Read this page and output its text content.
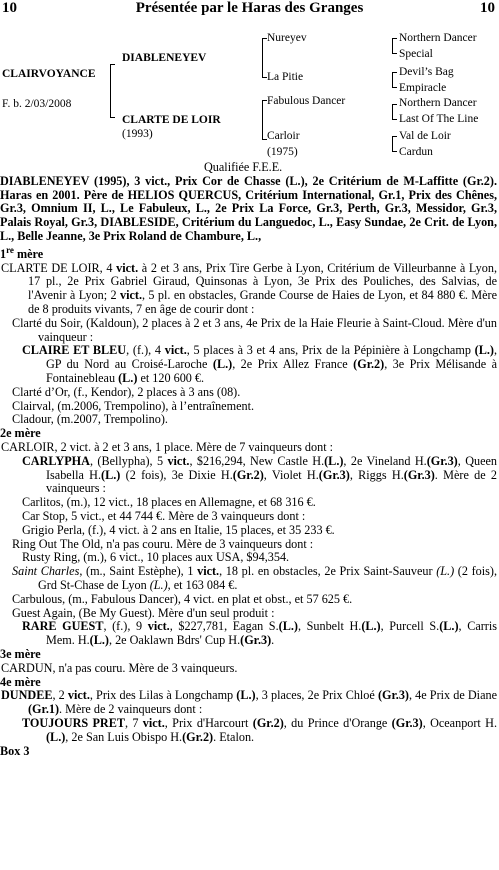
10	Présentée par le Haras des Granges	10
CLAIRVOYANCE
F. b. 2/03/2008
DIABLENEYEV
CLARTE DE LOIR
(1993)
Nureyev
La Pitie
Fabulous Dancer
Carloir
(1975)
Northern Dancer
Special
Devil’s Bag
Empiracle
Northern Dancer
Last Of The Line
Val de Loir
Cardun

Qualifiée F.E.E.

DIABLENEYEV (1995), 3 vict., Prix Cor de Chasse (L.), 2e Critérium de M-Laffitte (Gr.2). Haras en 2001. Père de HELIOS QUERCUS, Critérium International, Gr.1, Prix des Chênes, Gr.3, Omnium II, L., Le Fabuleux, L., 2e Prix La Force, Gr.3, Perth, Gr.3, Messidor, Gr.3, Palais Royal, Gr.3, DIABLESIDE, Critérium du Languedoc, L., Easy Sundae, 2e Crit. de Lyon, L., Belle Jeanne, 3e Prix Roland de Chambure, L.,

1re mère

CLARTE DE LOIR, 4 vict. à 2 et 3 ans, Prix Tire Gerbe à Lyon, Critérium de Villeurbanne à Lyon, 17 pl., 2e Prix Gabriel Giraud, Quinsonas à Lyon, 3e Prix des Pouliches, des Salvias, de l'Avenir à Lyon; 2 vict., 5 pl. en obstacles, Grande Course de Haies de Lyon, et 84 880 €. Mère de 8 produits vivants, 7 en âge de courir dont :

Clarté du Soir, (Kaldoun), 2 places à 2 et 3 ans, 4e Prix de la Haie Fleurie à Saint-Cloud. Mère d'un vainqueur :

CLAIRE ET BLEU, (f.), 4 vict., 5 places à 3 et 4 ans, Prix de la Pépinière à Longchamp (L.), GP du Nord au Croisé-Laroche (L.), 2e Prix Allez France (Gr.2), 3e Prix Mélisande à Fontainebleau (L.) et 120 600 €.

Clarté d’Or, (f., Kendor), 2 places à 3 ans (08).

Clairval, (m.2006, Trempolino), à l’entraînement.

Cladour, (m.2007, Trempolino).

2e mère

CARLOIR, 2 vict. à 2 et 3 ans, 1 place. Mère de 7 vainqueurs dont :

CARLYPHA, (Bellypha), 5 vict., $216,294, New Castle H.(L.), 2e Vineland H.(Gr.3), Queen Isabella H.(L.) (2 fois), 3e Dixie H.(Gr.2), Violet H.(Gr.3), Riggs H.(Gr.3). Mère de 2 vainqueurs :

Carlitos, (m.), 12 vict., 18 places en Allemagne, et 68 316 €.

Car Stop, 5 vict., et 44 744 €. Mère de 3 vainqueurs dont :

Grigio Perla, (f.), 4 vict. à 2 ans en Italie, 15 places, et 35 233 €.

Ring Out The Old, n'a pas couru. Mère de 3 vainqueurs dont :

Rusty Ring, (m.), 6 vict., 10 places aux USA, $94,354.

Saint Charles, (m., Saint Estèphe), 1 vict., 18 pl. en obstacles, 2e Prix Saint-Sauveur (L.) (2 fois), Grd St-Chase de Lyon (L.), et 163 084 €.

Carbulous, (m., Fabulous Dancer), 4 vict. en plat et obst., et 57 625 €.

Guest Again, (Be My Guest). Mère d'un seul produit :

RARE GUEST, (f.), 9 vict., $227,781, Eagan S.(L.), Sunbelt H.(L.), Purcell S.(L.), Carris Mem. H.(L.), 2e Oaklawn Bdrs' Cup H.(Gr.3).

3e mère

CARDUN, n'a pas couru. Mère de 3 vainqueurs.

4e mère

DUNDEE, 2 vict., Prix des Lilas à Longchamp (L.), 3 places, 2e Prix Chloé (Gr.3), 4e Prix de Diane (Gr.1). Mère de 2 vainqueurs dont :

TOUJOURS PRET, 7 vict., Prix d'Harcourt (Gr.2), du Prince d'Orange (Gr.3), Oceanport H.(L.), 2e San Luis Obispo H.(Gr.2). Etalon.

Box 3
